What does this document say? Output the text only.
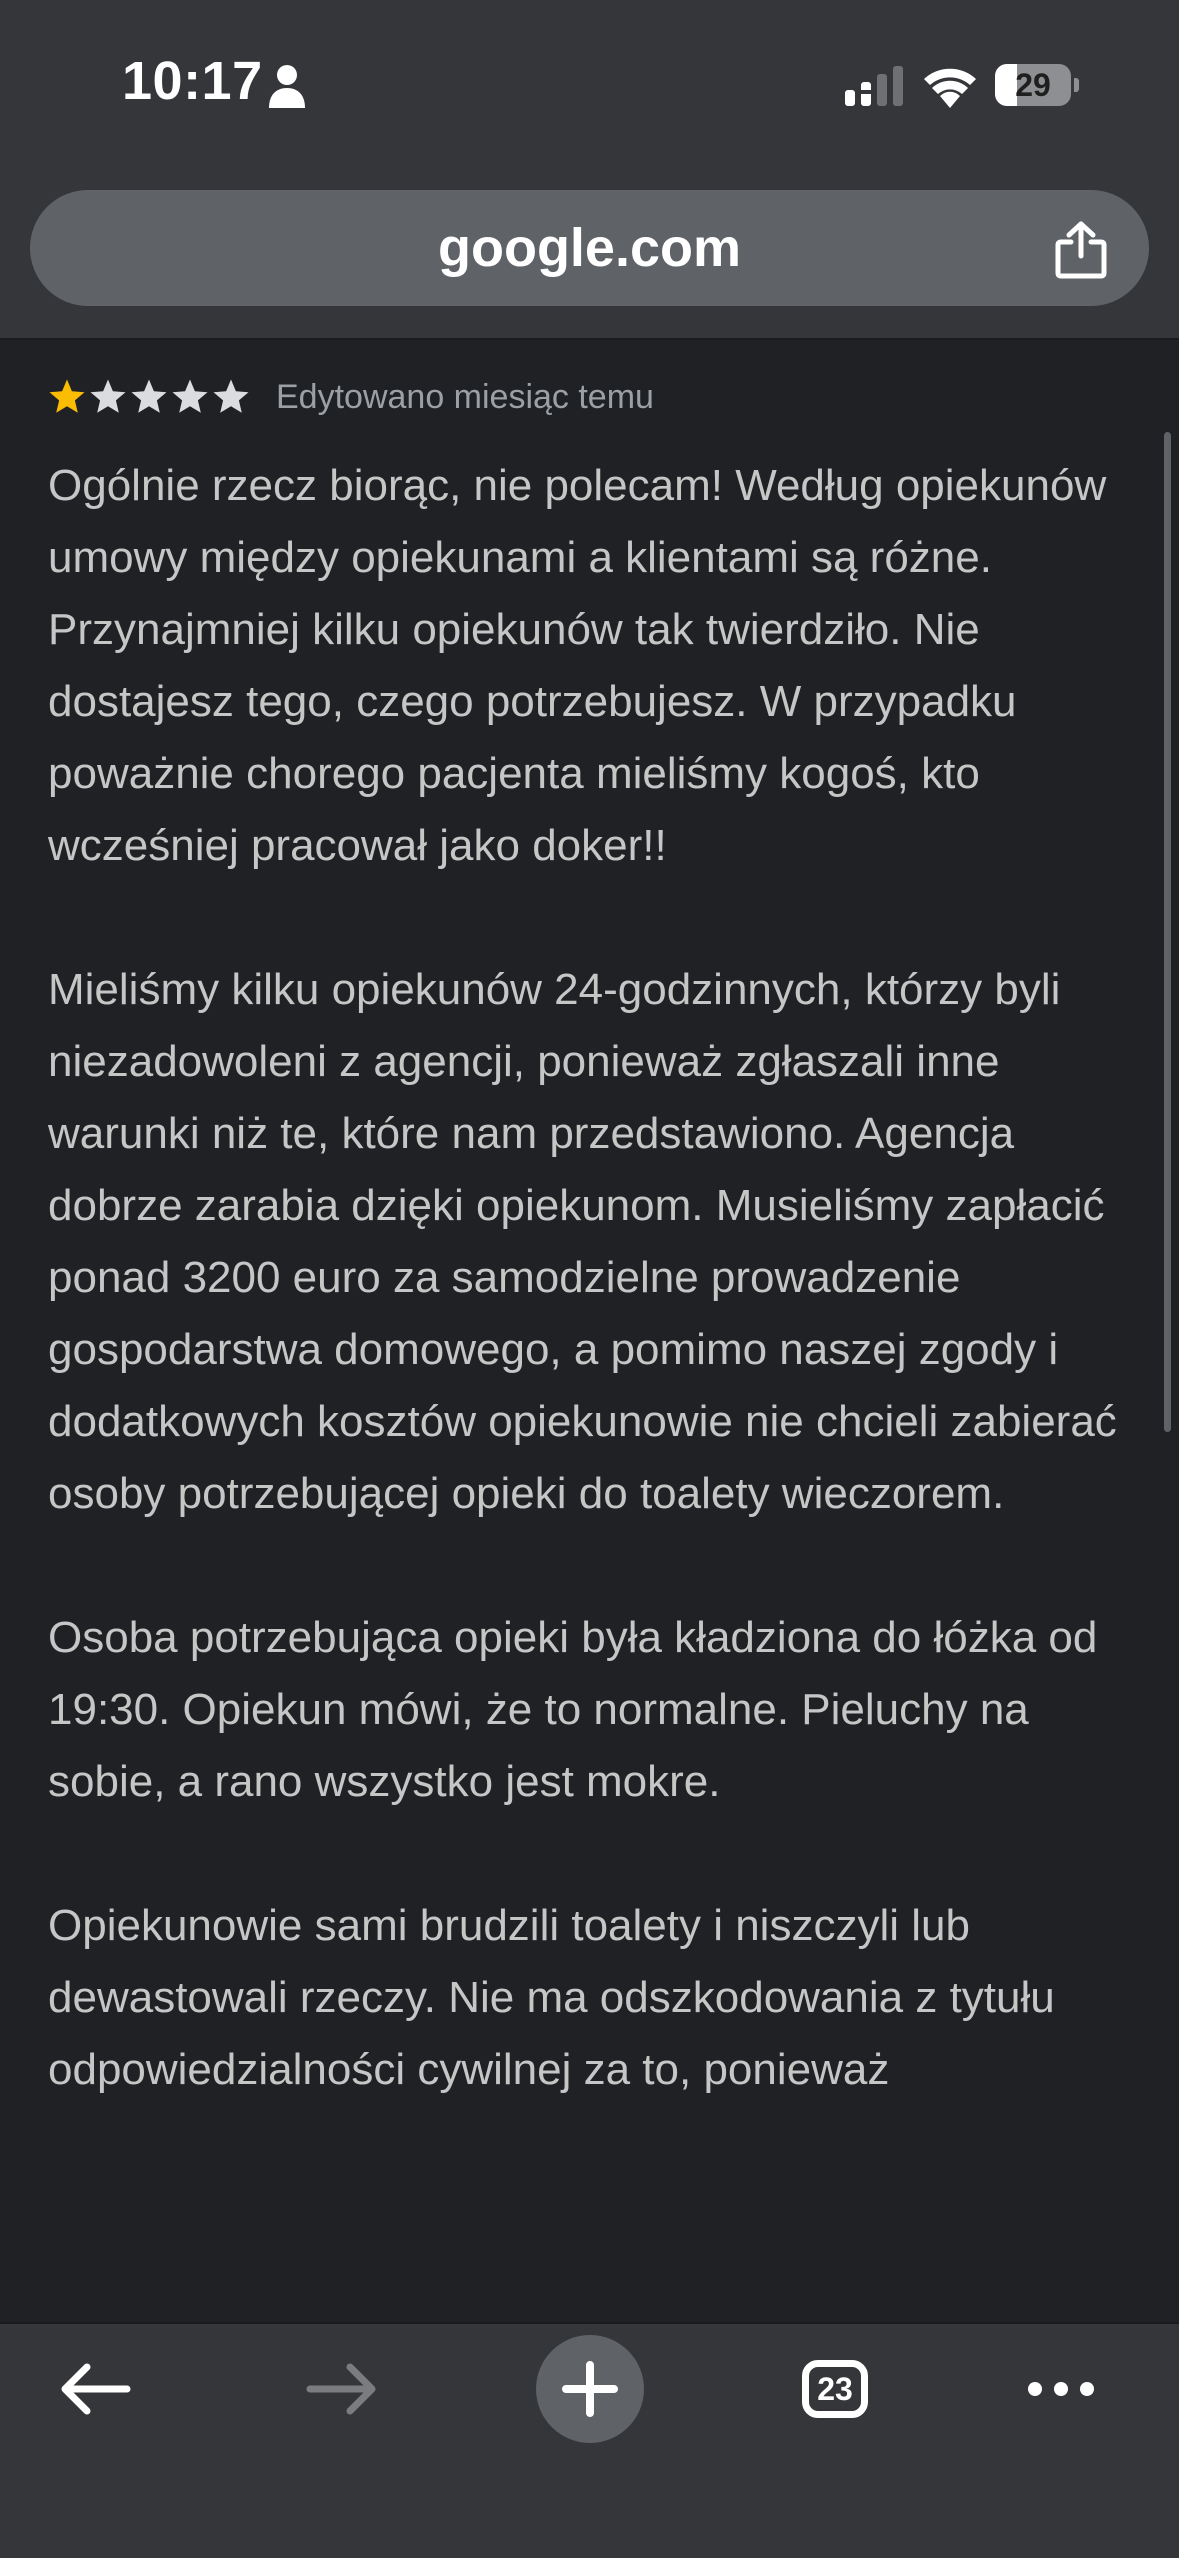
10:17	29
google.com
Edytowano miesiąc temu

Ogólnie rzecz biorąc, nie polecam! Według opiekunów umowy między opiekunami a klientami są różne. Przynajmniej kilku opiekunów tak twierdziło. Nie dostajesz tego, czego potrzebujesz. W przypadku poważnie chorego pacjenta mieliśmy kogoś, kto wcześniej pracował jako doker!!

Mieliśmy kilku opiekunów 24-godzinnych, którzy byli niezadowoleni z agencji, ponieważ zgłaszali inne warunki niż te, które nam przedstawiono. Agencja dobrze zarabia dzięki opiekunom. Musieliśmy zapłacić ponad 3200 euro za samodzielne prowadzenie gospodarstwa domowego, a pomimo naszej zgody i dodatkowych kosztów opiekunowie nie chcieli zabierać osoby potrzebującej opieki do toalety wieczorem.

Osoba potrzebująca opieki była kładziona do łóżka od 19:30. Opiekun mówi, że to normalne. Pieluchy na sobie, a rano wszystko jest mokre.

Opiekunowie sami brudzili toalety i niszczyli lub dewastowali rzeczy. Nie ma odszkodowania z tytułu odpowiedzialności cywilnej za to, ponieważ

23
